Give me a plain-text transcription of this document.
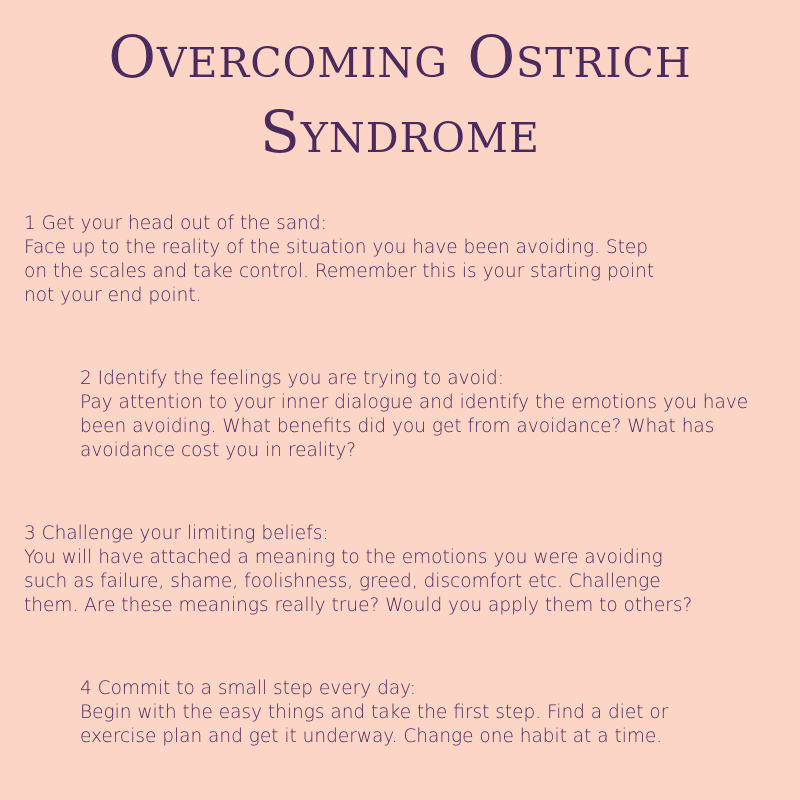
Overcoming Ostrich
Syndrome

1 Get your head out of the sand:

Face up to the reality of the situation you have been avoiding. Step

on the scales and take control. Remember this is your starting point

not your end point.

2 Identify the feelings you are trying to avoid:

Pay attention to your inner dialogue and identify the emotions you have

been avoiding. What benefits did you get from avoidance? What has

avoidance cost you in reality?

3 Challenge your limiting beliefs:

You will have attached a meaning to the emotions you were avoiding

such as failure, shame, foolishness, greed, discomfort etc. Challenge

them. Are these meanings really true? Would you apply them to others?

4 Commit to a small step every day:

Begin with the easy things and take the first step. Find a diet or

exercise plan and get it underway. Change one habit at a time.
